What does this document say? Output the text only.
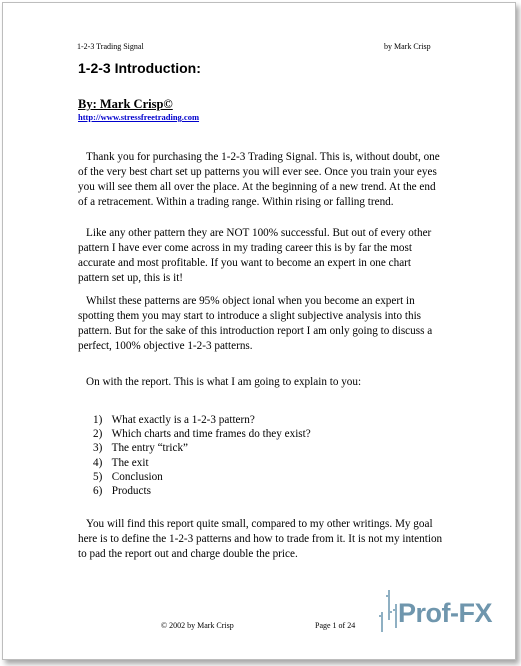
1-2-3 Trading Signal	by Mark Crisp
1-2-3 Introduction:
By: Mark Crisp©
http://www.stressfreetrading.com

Thank you for purchasing the 1-2-3 Trading Signal. This is, without doubt, one of the very best chart set up patterns you will ever see. Once you train your eyes you will see them all over the place. At the beginning of a new trend. At the end of a retracement. Within a trading range. Within rising or falling trend.

Like any other pattern they are NOT 100% successful. But out of every other pattern I have ever come across in my trading career this is by far the most accurate and most profitable. If you want to become an expert in one chart pattern set up, this is it!

Whilst these patterns are 95% object ional when you become an expert in spotting them you may start to introduce a slight subjective analysis into this pattern. But for the sake of this introduction report I am only going to discuss a perfect, 100% objective 1-2-3 patterns.

On with the report. This is what I am going to explain to you:

1) What exactly is a 1-2-3 pattern?
2) Which charts and time frames do they exist?
3) The entry “trick”
4) The exit
5) Conclusion
6) Products

You will find this report quite small, compared to my other writings. My goal here is to define the 1-2-3 patterns and how to trade from it. It is not my intention to pad the report out and charge double the price.

© 2002 by Mark Crisp	Page 1 of 24 Prof-FX
